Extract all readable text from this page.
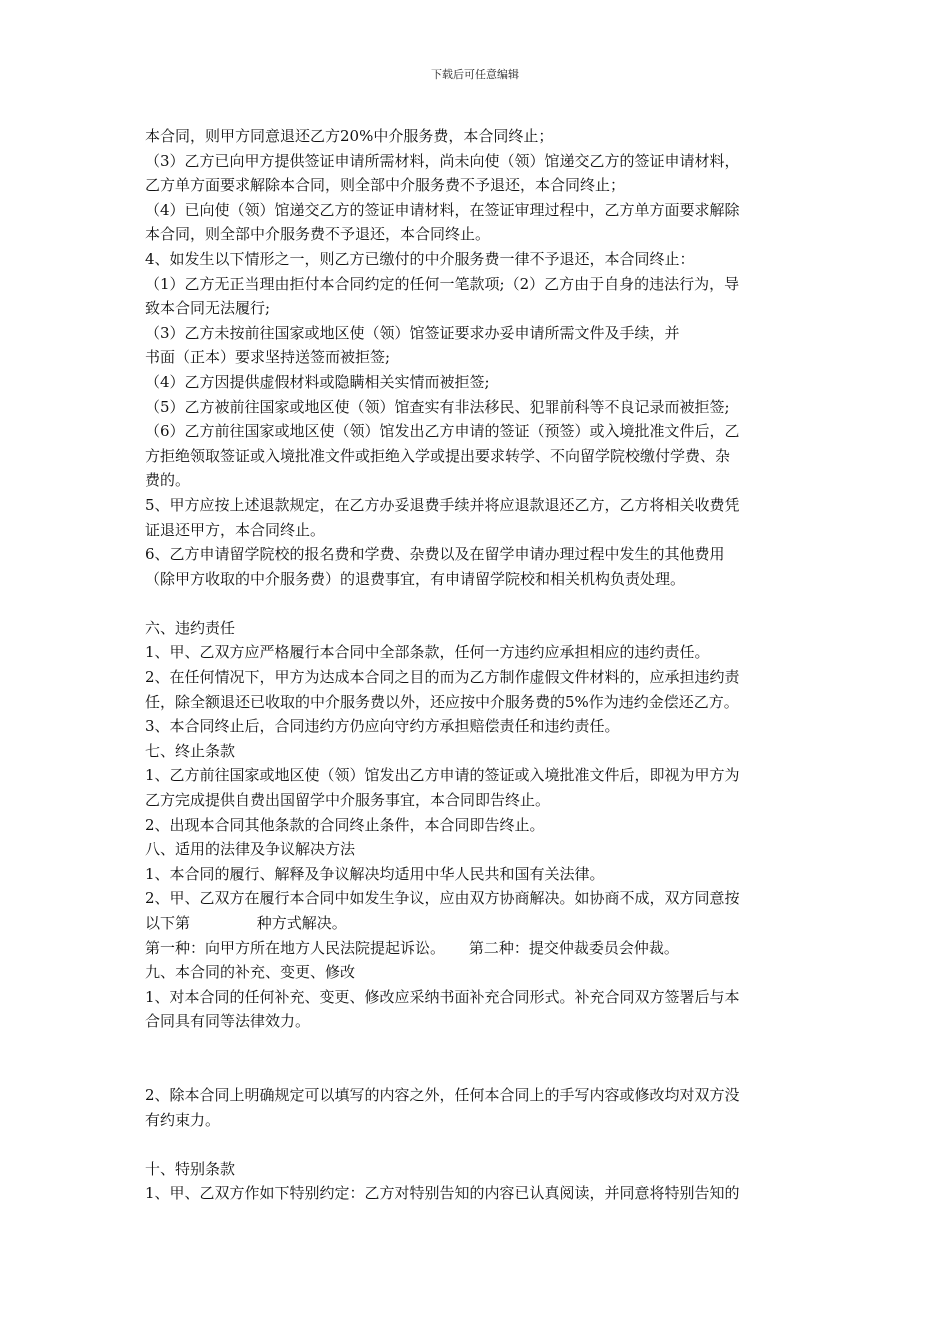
下载后可任意编辑
本合同，则甲方同意退还乙方20%中介服务费，本合同终止；
（3）乙方已向甲方提供签证申请所需材料，尚未向使（领）馆递交乙方的签证申请材料，
乙方单方面要求解除本合同，则全部中介服务费不予退还，本合同终止；
（4）已向使（领）馆递交乙方的签证申请材料，在签证审理过程中，乙方单方面要求解除
本合同，则全部中介服务费不予退还，本合同终止。
4、如发生以下情形之一，则乙方已缴付的中介服务费一律不予退还，本合同终止：
（1）乙方无正当理由拒付本合同约定的任何一笔款项;（2）乙方由于自身的违法行为，导
致本合同无法履行;
（3）乙方未按前往国家或地区使（领）馆签证要求办妥申请所需文件及手续，并
书面（正本）要求坚持送签而被拒签;
（4）乙方因提供虚假材料或隐瞒相关实情而被拒签;
（5）乙方被前往国家或地区使（领）馆查实有非法移民、犯罪前科等不良记录而被拒签;
（6）乙方前往国家或地区使（领）馆发出乙方申请的签证（预签）或入境批准文件后，乙
方拒绝领取签证或入境批准文件或拒绝入学或提出要求转学、不向留学院校缴付学费、杂
费的。
5、甲方应按上述退款规定，在乙方办妥退费手续并将应退款退还乙方，乙方将相关收费凭
证退还甲方，本合同终止。
6、乙方申请留学院校的报名费和学费、杂费以及在留学申请办理过程中发生的其他费用
（除甲方收取的中介服务费）的退费事宜，有申请留学院校和相关机构负责处理。
六、违约责任
1、甲、乙双方应严格履行本合同中全部条款，任何一方违约应承担相应的违约责任。
2、在任何情况下，甲方为达成本合同之目的而为乙方制作虚假文件材料的，应承担违约责
任，除全额退还已收取的中介服务费以外，还应按中介服务费的5%作为违约金偿还乙方。
3、本合同终止后，合同违约方仍应向守约方承担赔偿责任和违约责任。
七、终止条款
1、乙方前往国家或地区使（领）馆发出乙方申请的签证或入境批准文件后，即视为甲方为
乙方完成提供自费出国留学中介服务事宜，本合同即告终止。
2、出现本合同其他条款的合同终止条件，本合同即告终止。
八、适用的法律及争议解决方法
1、本合同的履行、解释及争议解决均适用中华人民共和国有关法律。
2、甲、乙双方在履行本合同中如发生争议，应由双方协商解决。如协商不成，双方同意按
以下第              种方式解决。
第一种：向甲方所在地方人民法院提起诉讼。     第二种：提交仲裁委员会仲裁。
九、本合同的补充、变更、修改
1、对本合同的任何补充、变更、修改应采纳书面补充合同形式。补充合同双方签署后与本
合同具有同等法律效力。
2、除本合同上明确规定可以填写的内容之外，任何本合同上的手写内容或修改均对双方没
有约束力。
十、特别条款
1、甲、乙双方作如下特别约定：乙方对特别告知的内容已认真阅读，并同意将特别告知的
